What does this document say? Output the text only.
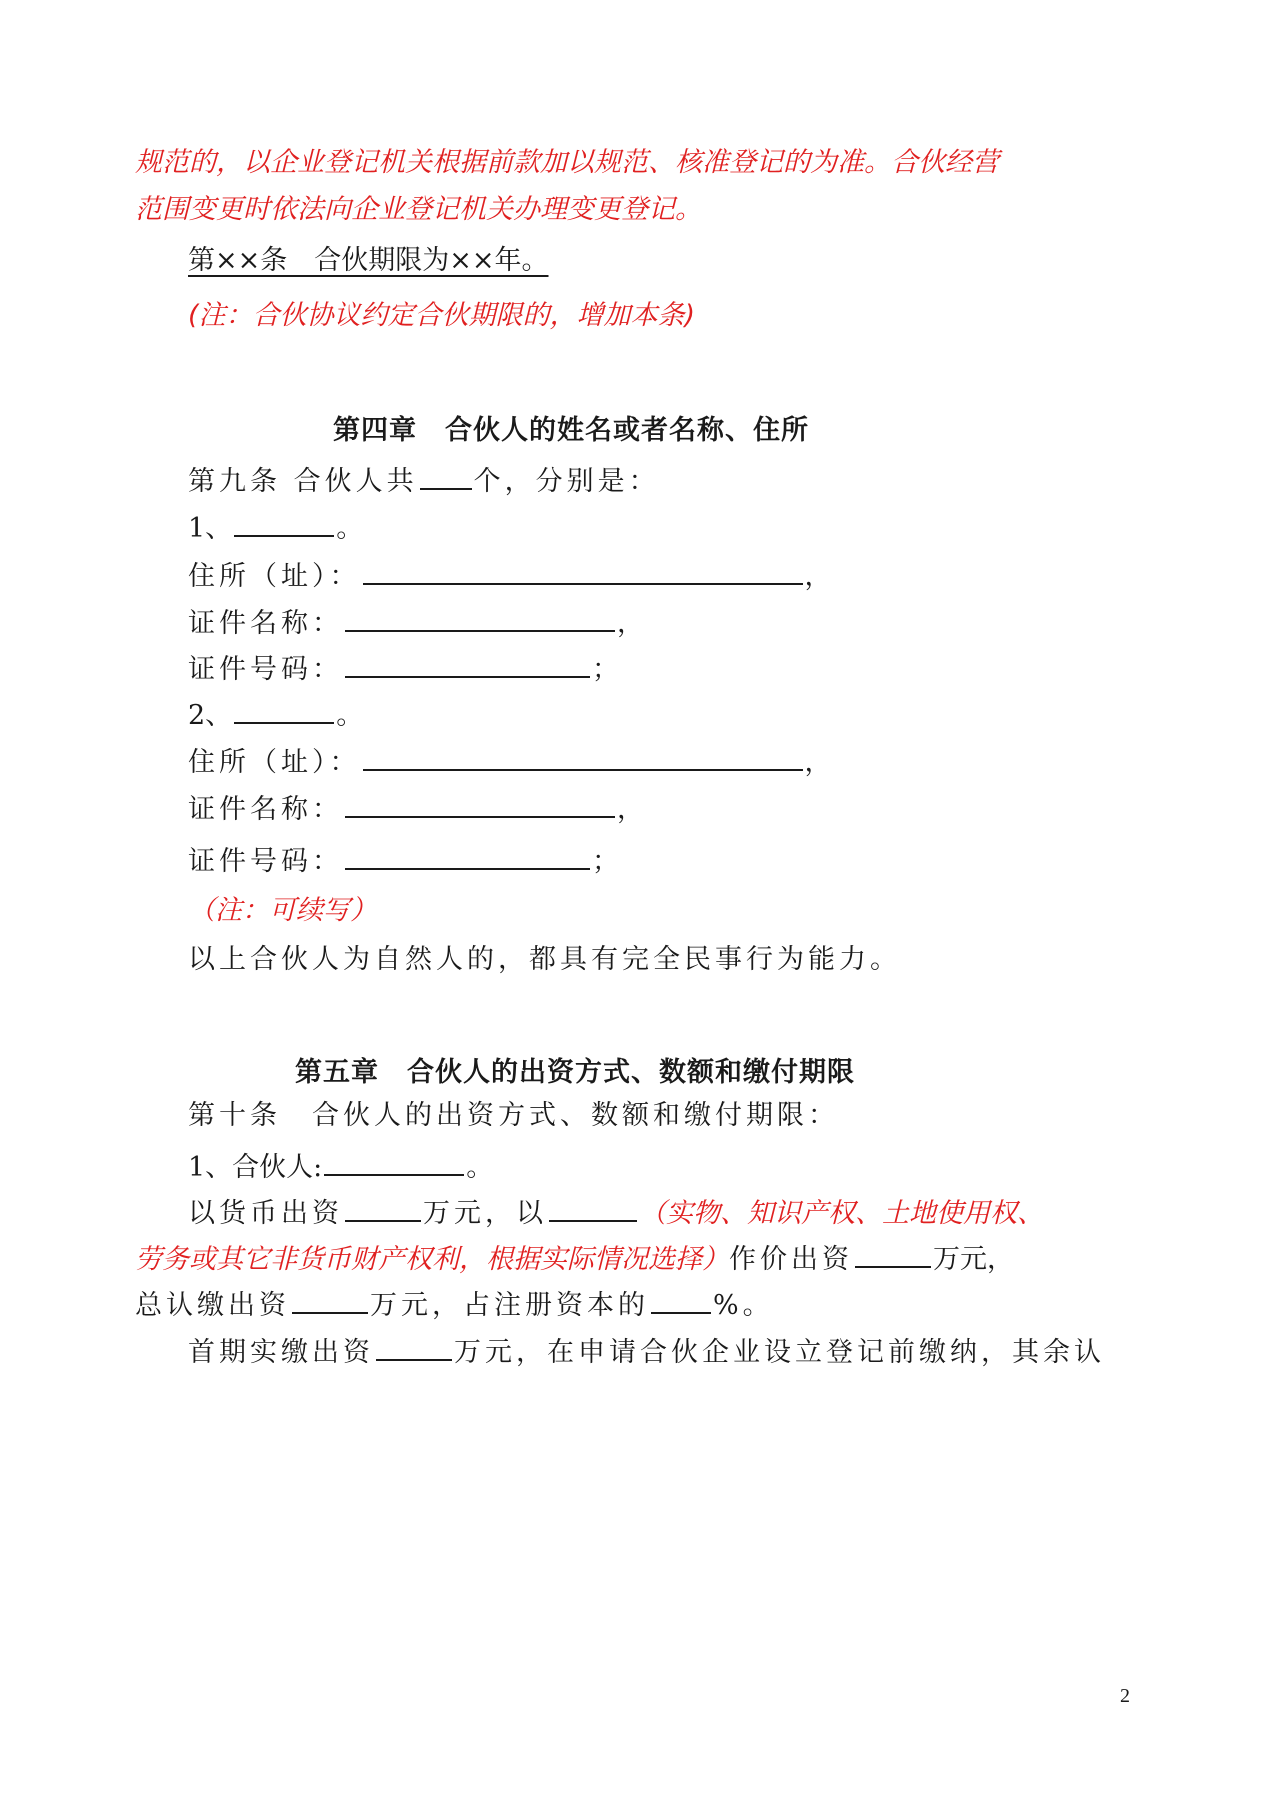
规范的，以企业登记机关根据前款加以规范、核准登记的为准。合伙经营
范围变更时依法向企业登记机关办理变更登记。
第××条　合伙期限为××年。
(注：合伙协议约定合伙期限的，增加本条)
第四章　合伙人的姓名或者名称、住所
第九条 合伙人共 个，分别是：
1、	。
住所（址）：	，
证件名称：	，
证件号码：	；
2、	。
住所（址）：	，
证件名称：	，
证件号码：	；
（注：可续写）
以上合伙人为自然人的，都具有完全民事行为能力。
第五章　合伙人的出资方式、数额和缴付期限
第十条　合伙人的出资方式、数额和缴付期限：
1、合伙人:	。
以货币出资	万元，以	（实物、知识产权、土地使用权、
劳务或其它非货币财产权利，根据实际情况选择）作价出资	万元，
总认缴出资	万元，占注册资本的 %。
首期实缴出资	万元，在申请合伙企业设立登记前缴纳，其余认
2
